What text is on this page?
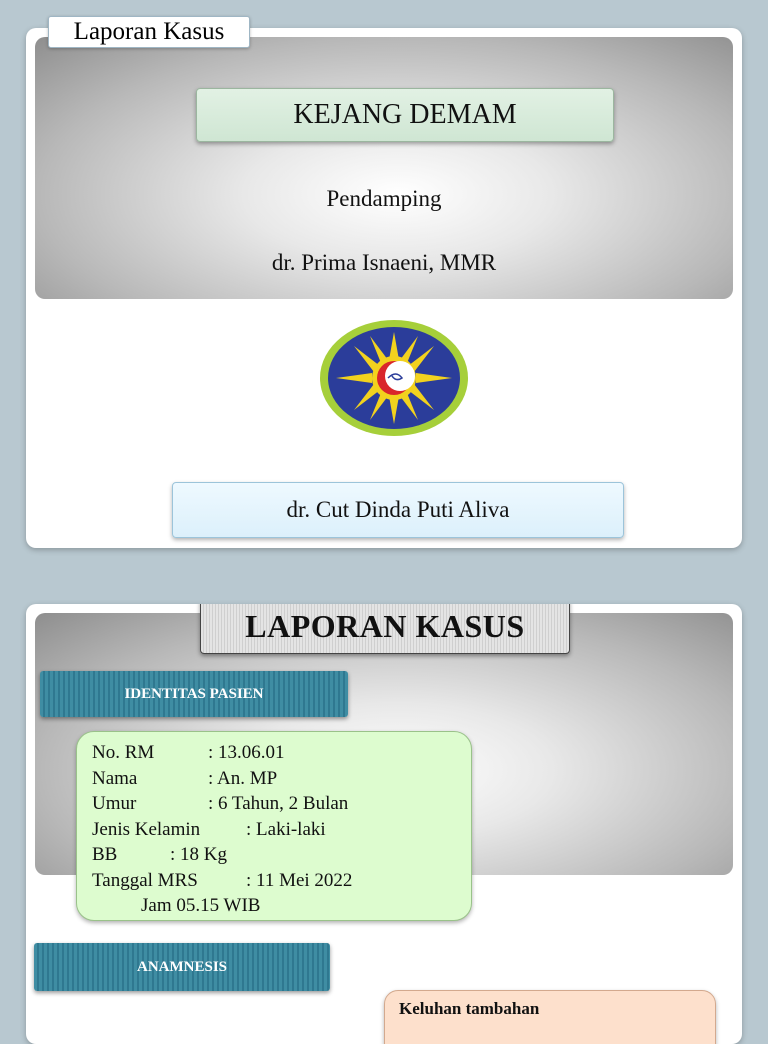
KEJANG DEMAM
Pendamping
dr. Prima Isnaeni, MMR
dr. Cut Dinda Puti Aliva
Laporan Kasus
IDENTITAS PASIEN
No. RM	: 13.06.01
Nama	: An. MP
Umur	: 6 Tahun, 2 Bulan
Jenis Kelamin : Laki-laki
BB	: 18 Kg
Tanggal MRS	: 11 Mei 2022
Jam 05.15 WIB
ANAMNESIS
Keluhan tambahan
LAPORAN KASUS
